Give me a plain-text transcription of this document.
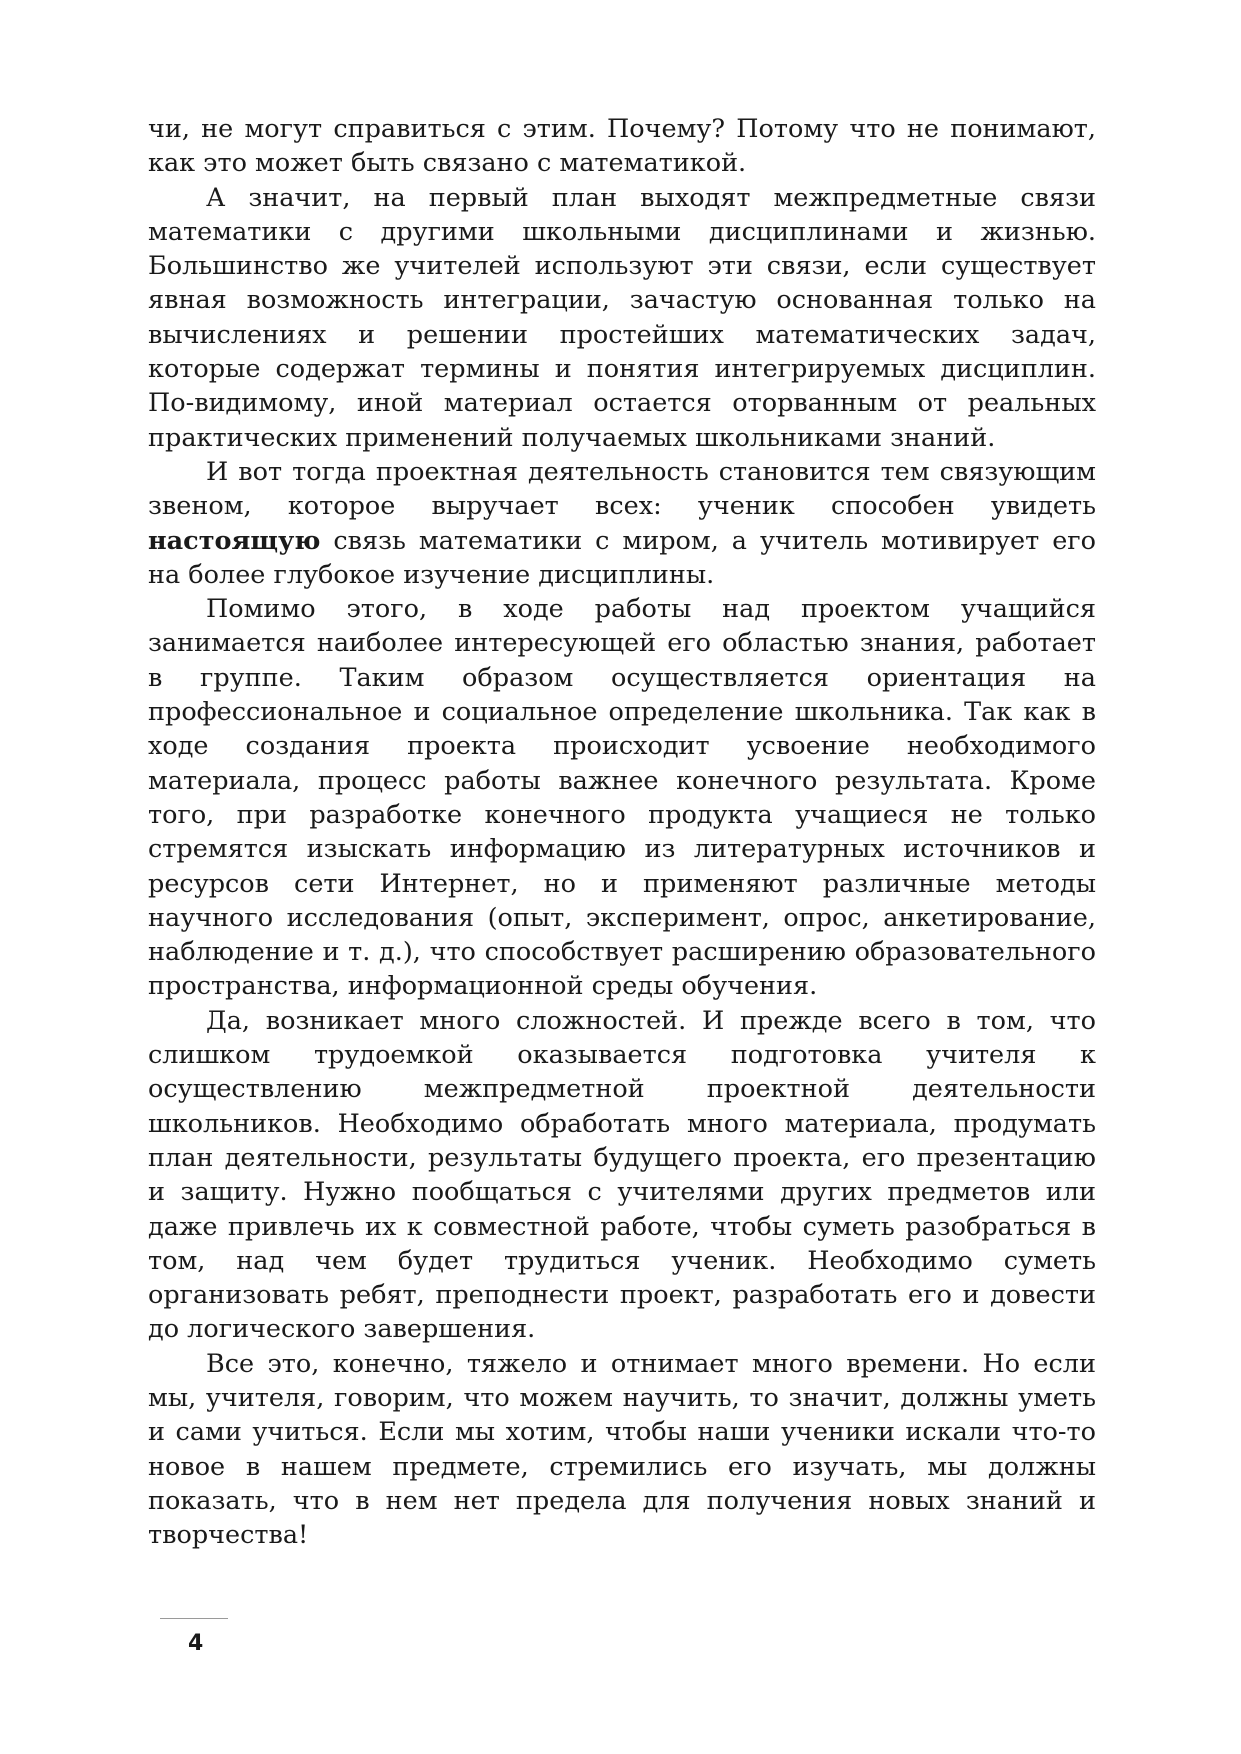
чи, не могут справиться с этим. Почему? Потому что не понимают, как это может быть связано с математикой.

А значит, на первый план выходят межпредметные связи математики с другими школьными дисциплинами и жизнью. Большинство же учителей используют эти связи, если существует явная возможность интеграции, зачастую основанная только на вычислениях и решении простейших математических задач, которые содержат термины и понятия интегрируемых дисциплин. По-видимому, иной материал остается оторванным от реальных практических применений получаемых школьниками знаний.

И вот тогда проектная деятельность становится тем связующим звеном, которое выручает всех: ученик способен увидеть настоящую связь математики с миром, а учитель мотивирует его на более глубокое изучение дисциплины.

Помимо этого, в ходе работы над проектом учащийся занимается наиболее интересующей его областью знания, работает в группе. Таким образом осуществляется ориентация на профессиональное и социальное определение школьника. Так как в ходе создания проекта происходит усвоение необходимого материала, процесс работы важнее конечного результата. Кроме того, при разработке конечного продукта учащиеся не только стремятся изыскать информацию из литературных источников и ресурсов сети Интернет, но и применяют различные методы научного исследования (опыт, эксперимент, опрос, анкетирование, наблюдение и т. д.), что способствует расширению образовательного пространства, информационной среды обучения.

Да, возникает много сложностей. И прежде всего в том, что слишком трудоемкой оказывается подготовка учителя к осуществлению межпредметной проектной деятельности школьников. Необходимо обработать много материала, продумать план деятельности, результаты будущего проекта, его презентацию и защиту. Нужно пообщаться с учителями других предметов или даже привлечь их к совместной работе, чтобы суметь разобраться в том, над чем будет трудиться ученик. Необходимо суметь организовать ребят, преподнести проект, разработать его и довести до логического завершения.

Все это, конечно, тяжело и отнимает много времени. Но если мы, учителя, говорим, что можем научить, то значит, должны уметь и сами учиться. Если мы хотим, чтобы наши ученики искали что-то новое в нашем предмете, стремились его изучать, мы должны показать, что в нем нет предела для получения новых знаний и творчества!

4
